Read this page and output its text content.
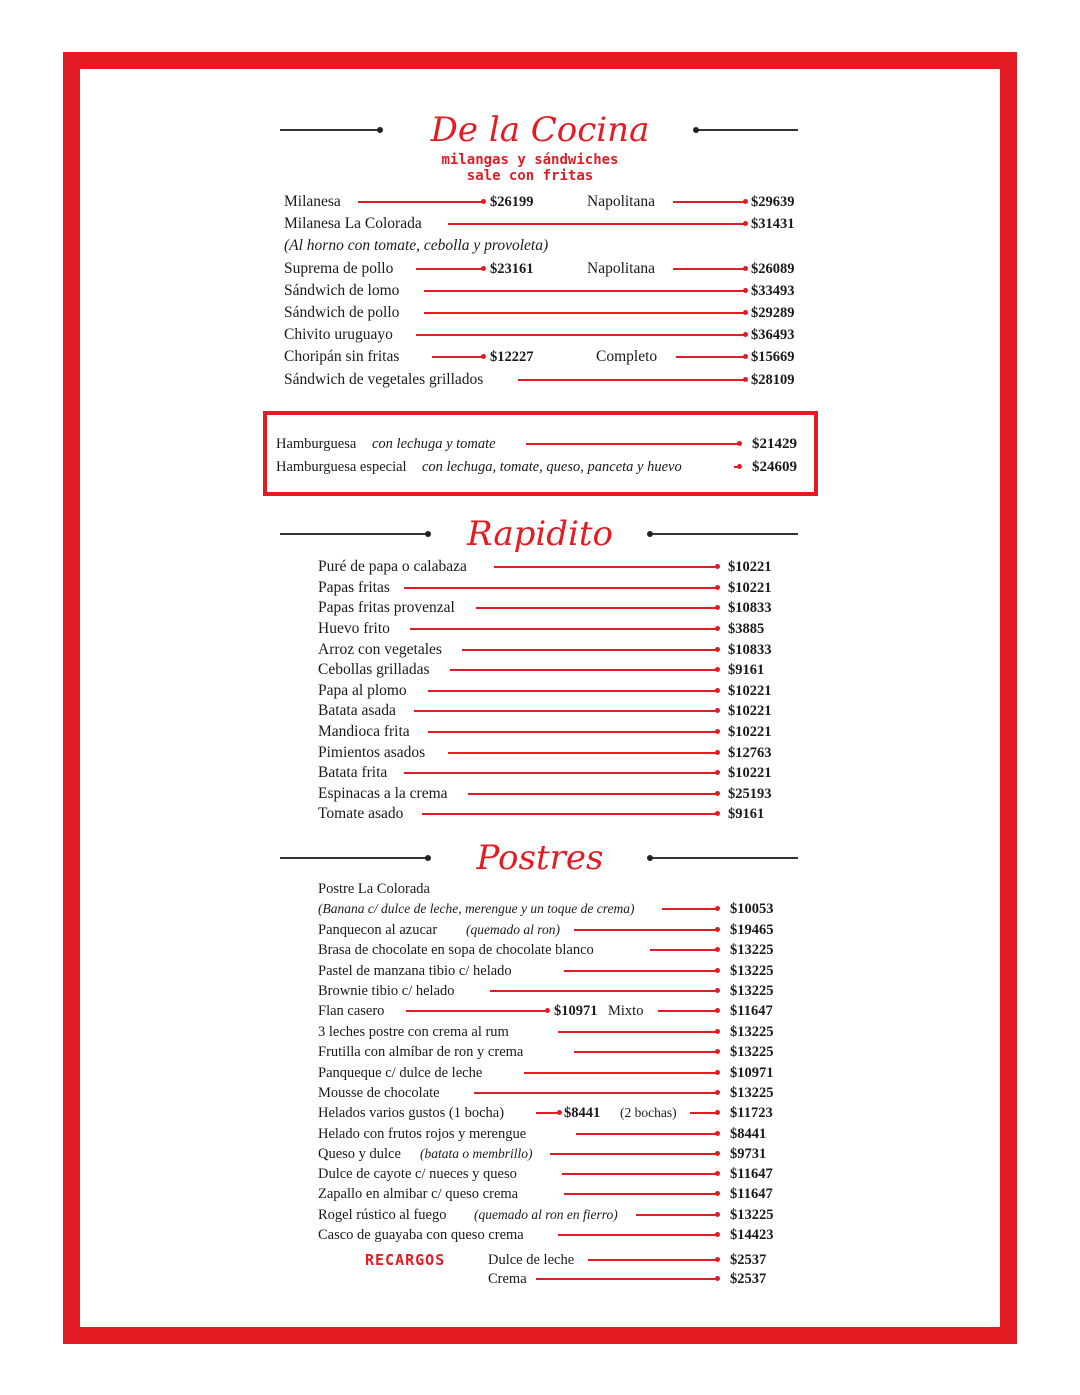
De la Cocina
milangas y sándwiches
sale con fritas
Milanesa	$26199	Napolitana	$29639
Milanesa La Colorada	$31431
(Al horno con tomate, cebolla y provoleta)
Suprema de pollo	$23161	Napolitana	$26089
Sándwich de lomo	$33493
Sándwich de pollo	$29289
Chivito uruguayo	$36493
Choripán sin fritas	$12227	Completo	$15669
Sándwich de vegetales grillados	$28109
Hamburguesa con lechuga y tomate	$21429
Hamburguesa especial con lechuga, tomate, queso, panceta y huevo	$24609
Rapidito
Puré de papa o calabaza	$10221
Papas fritas	$10221
Papas fritas provenzal	$10833
Huevo frito	$3885
Arroz con vegetales	$10833
Cebollas grilladas	$9161
Papa al plomo	$10221
Batata asada	$10221
Mandioca frita	$10221
Pimientos asados	$12763
Batata frita	$10221
Espinacas a la crema	$25193
Tomate asado	$9161
Postres
Postre La Colorada
(Banana c/ dulce de leche, merengue y un toque de crema)	$10053
Panquecon al azucar (quemado al ron)	$19465
Brasa de chocolate en sopa de chocolate blanco	$13225
Pastel de manzana tibio c/ helado	$13225
Brownie tibio c/ helado	$13225
Flan casero	$10971 Mixto	$11647
3 leches postre con crema al rum	$13225
Frutilla con almíbar de ron y crema	$13225
Panqueque c/ dulce de leche	$10971
Mousse de chocolate	$13225
Helados varios gustos (1 bocha)	$8441 (2 bochas)	$11723
Helado con frutos rojos y merengue	$8441
Queso y dulce (batata o membrillo)	$9731
Dulce de cayote c/ nueces y queso	$11647
Zapallo en almibar c/ queso crema	$11647
Rogel rústico al fuego (quemado al ron en fierro)	$13225
Casco de guayaba con queso crema	$14423
RECARGOS	Dulce de leche	$2537
Crema	$2537
